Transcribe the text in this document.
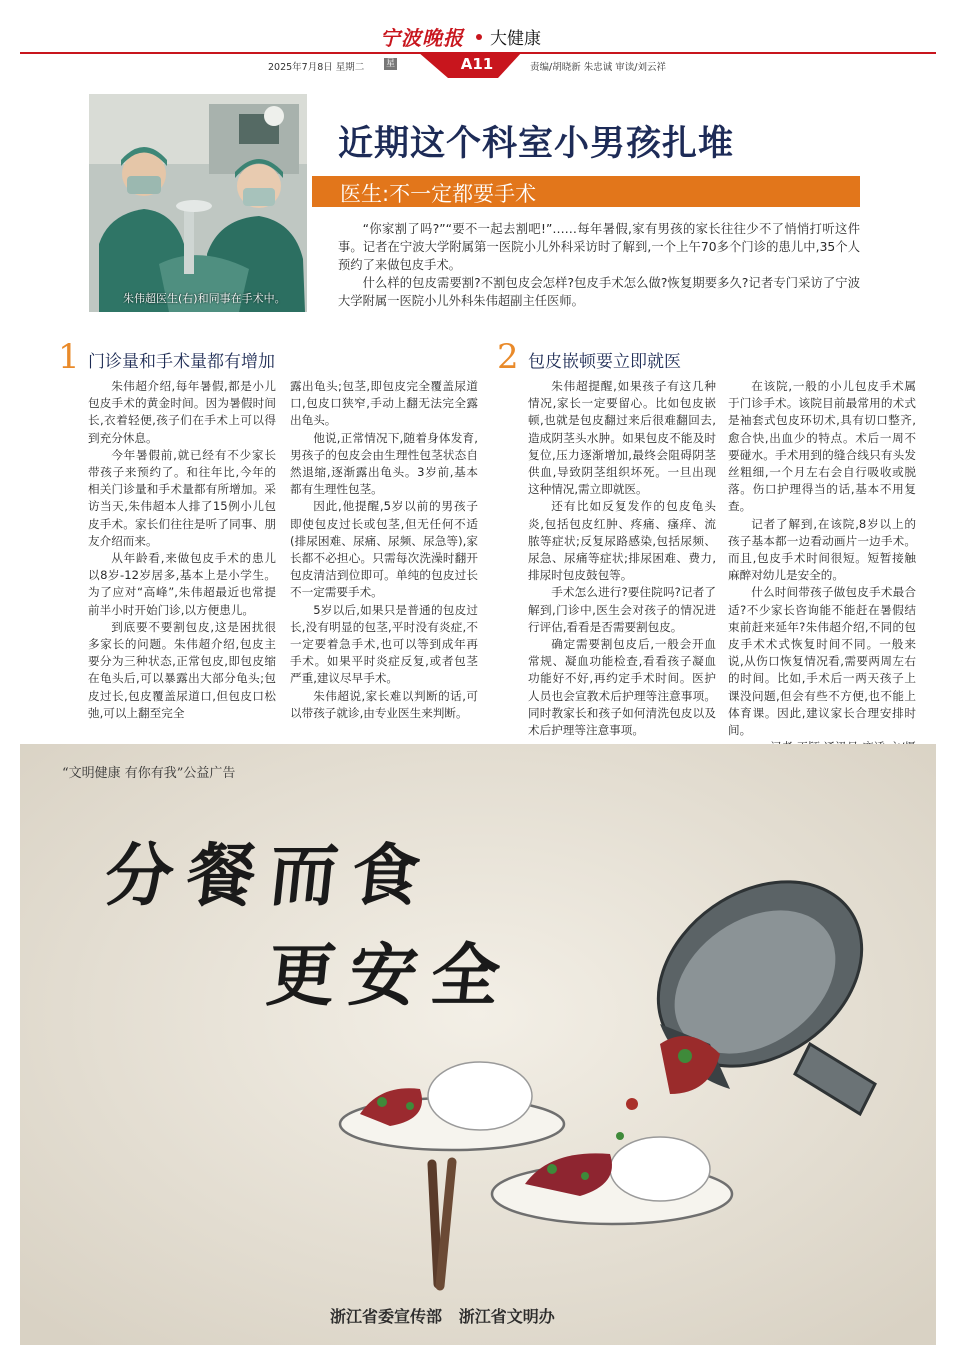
宁波晚报 大健康
A11
2025年7月8日 星期二 星	责编/胡晓新 朱忠诚 审读/刘云祥
朱伟超医生(右)和同事在手术中。
近期这个科室小男孩扎堆
医生:不一定都要手术

“你家割了吗?”“要不一起去割吧!”……每年暑假,家有男孩的家长往往少不了悄悄打听这件事。记者在宁波大学附属第一医院小儿外科采访时了解到,一个上午70多个门诊的患儿中,35个人预约了来做包皮手术。

什么样的包皮需要割?不割包皮会怎样?包皮手术怎么做?恢复期要多久?记者专门采访了宁波大学附属一医院小儿外科朱伟超副主任医师。

1 门诊量和手术量都有增加

朱伟超介绍,每年暑假,都是小儿包皮手术的黄金时间。因为暑假时间长,衣着轻便,孩子们在手术上可以得到充分休息。

今年暑假前,就已经有不少家长带孩子来预约了。和往年比,今年的相关门诊量和手术量都有所增加。采访当天,朱伟超本人排了15例小儿包皮手术。家长们往往是听了同事、朋友介绍而来。

从年龄看,来做包皮手术的患儿以8岁-12岁居多,基本上是小学生。为了应对“高峰”,朱伟超最近也常提前半小时开始门诊,以方便患儿。

到底要不要割包皮,这是困扰很多家长的问题。朱伟超介绍,包皮主要分为三种状态,正常包皮,即包皮缩在龟头后,可以暴露出大部分龟头;包皮过长,包皮覆盖尿道口,但包皮口松弛,可以上翻至完全

露出龟头;包茎,即包皮完全覆盖尿道口,包皮口狭窄,手动上翻无法完全露出龟头。

他说,正常情况下,随着身体发育,男孩子的包皮会由生理性包茎状态自然退缩,逐渐露出龟头。3岁前,基本都有生理性包茎。

因此,他提醒,5岁以前的男孩子即使包皮过长或包茎,但无任何不适(排尿困难、尿痛、尿频、尿急等),家长都不必担心。只需每次洗澡时翻开包皮清洁到位即可。单纯的包皮过长不一定需要手术。

5岁以后,如果只是普通的包皮过长,没有明显的包茎,平时没有炎症,不一定要着急手术,也可以等到成年再手术。如果平时炎症反复,或者包茎严重,建议尽早手术。

朱伟超说,家长难以判断的话,可以带孩子就诊,由专业医生来判断。

2 包皮嵌顿要立即就医

朱伟超提醒,如果孩子有这几种情况,家长一定要留心。比如包皮嵌顿,也就是包皮翻过来后很难翻回去,造成阴茎头水肿。如果包皮不能及时复位,压力逐渐增加,最终会阻碍阴茎供血,导致阴茎组织坏死。一旦出现这种情况,需立即就医。

还有比如反复发作的包皮龟头炎,包括包皮红肿、疼痛、瘙痒、流脓等症状;反复尿路感染,包括尿频、尿急、尿痛等症状;排尿困难、费力,排尿时包皮鼓包等。

手术怎么进行?要住院吗?记者了解到,门诊中,医生会对孩子的情况进行评估,看看是否需要割包皮。

确定需要割包皮后,一般会开血常规、凝血功能检查,看看孩子凝血功能好不好,再约定手术时间。医护人员也会宣教术后护理等注意事项。同时教家长和孩子如何清洗包皮以及术后护理等注意事项。

在该院,一般的小儿包皮手术属于门诊手术。该院目前最常用的术式是袖套式包皮环切术,具有切口整齐,愈合快,出血少的特点。术后一周不要碰水。手术用到的缝合线只有头发丝粗细,一个月左右会自行吸收或脱落。伤口护理得当的话,基本不用复查。

记者了解到,在该院,8岁以上的孩子基本都一边看动画片一边手术。而且,包皮手术时间很短。短暂接触麻醉对幼儿是安全的。

什么时间带孩子做包皮手术最合适?不少家长咨询能不能赶在暑假结束前赶来延年?朱伟超介绍,不同的包皮手术术式恢复时间不同。一般来说,从伤口恢复情况看,需要两周左右的时间。比如,手术后一两天孩子上课没问题,但会有些不方便,也不能上体育课。因此,建议家长合理安排时间。

“文明健康 有你有我”公益广告
分餐而食
更安全
浙江省委宣传部   浙江省文明办
